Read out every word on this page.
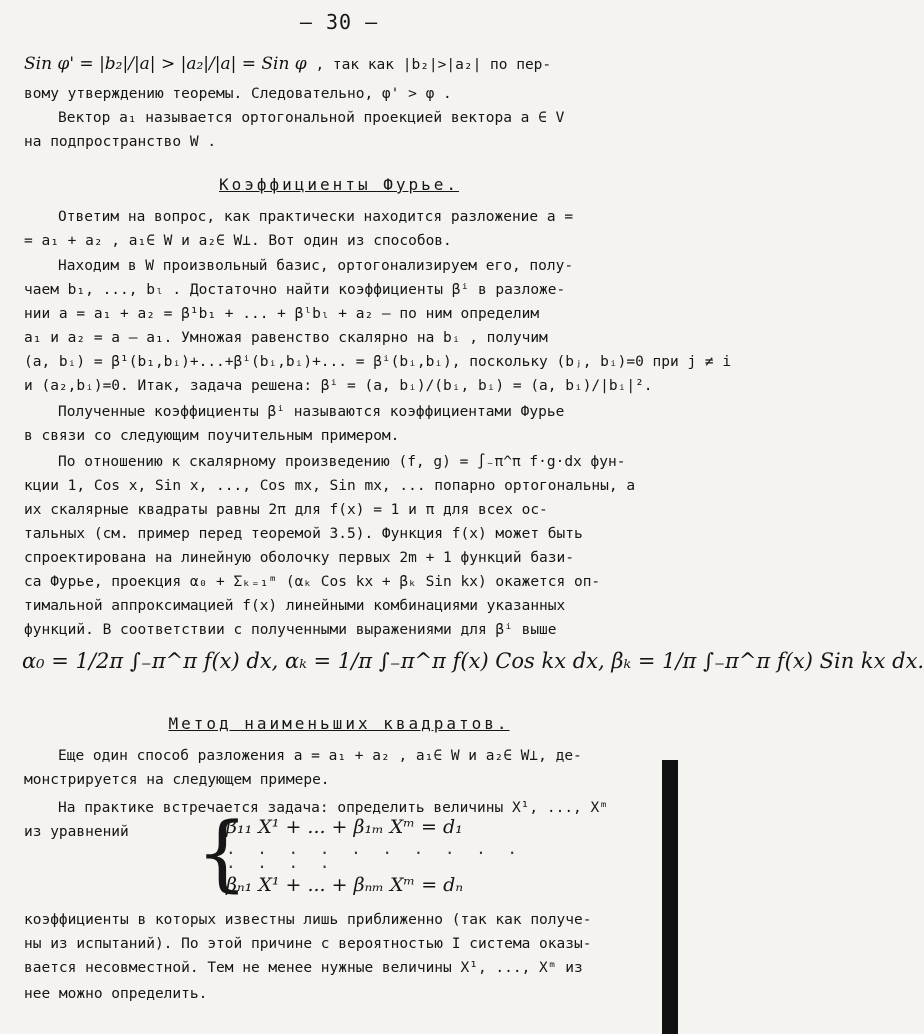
– 30 –
Sin φ' = |b₂|/|a| > |a₂|/|a| = Sin φ , так как |b₂|>|a₂| по пер-
вому утверждению теоремы. Следовательно, φ' > φ .
Вектор a₁ называется ортогональной проекцией вектора a ∈ V
на подпространство W .
Коэффициенты Фурье.
Ответим на вопрос, как практически находится разложение a =
= a₁ + a₂ , a₁∈ W и a₂∈ W⊥. Вот один из способов.
Находим в W произвольный базис, ортогонализируем его, полу-
чаем b₁, ..., bₗ . Достаточно найти коэффициенты βⁱ в разложе-
нии a = a₁ + a₂ = β¹b₁ + ... + βˡbₗ + a₂ – по ним определим
a₁ и a₂ = a – a₁. Умножая равенство скалярно на bᵢ , получим
(a, bᵢ) = β¹(b₁,bᵢ)+...+βⁱ(bᵢ,bᵢ)+... = βⁱ(bᵢ,bᵢ), поскольку (bⱼ, bᵢ)=0 при j ≠ i
и (a₂,bᵢ)=0. Итак, задача решена: βⁱ = (a, bᵢ)/(bᵢ, bᵢ) = (a, bᵢ)/|bᵢ|².
Полученные коэффициенты βⁱ называются коэффициентами Фурье
в связи со следующим поучительным примером.
По отношению к скалярному произведению (f, g) = ∫₋π^π f·g·dx фун-
кции 1, Cos x, Sin x, ..., Cos mx, Sin mx, ... попарно ортогональны, а
их скалярные квадраты равны 2π для f(x) = 1 и π для всех ос-
тальных (см. пример перед теоремой 3.5). Функция f(x) может быть
спроектирована на линейную оболочку первых 2m + 1 функций бази-
са Фурье, проекция α₀ + Σₖ₌₁ᵐ (αₖ Cos kx + βₖ Sin kx) окажется оп-
тимальной аппроксимацией f(x) линейными комбинациями указанных
функций. В соответствии с полученными выражениями для βⁱ выше
α₀ = 1/2π ∫₋π^π f(x) dx, αₖ = 1/π ∫₋π^π f(x) Cos kx dx, βₖ = 1/π ∫₋π^π f(x) Sin kx dx.
Метод наименьших квадратов.
Еще один способ разложения a = a₁ + a₂ , a₁∈ W и a₂∈ W⊥, де-
монстрируется на следующем примере.
На практике встречается задача: определить величины X¹, ..., Xᵐ
из уравнений {
β₁₁ X¹ + ... + β₁ₘ Xᵐ = d₁
. . . . . . . . . . . . . .
βₙ₁ X¹ + ... + βₙₘ Xᵐ = dₙ
коэффициенты в которых известны лишь приближенно (так как получе-
ны из испытаний). По этой причине с вероятностью I система оказы-
вается несовместной. Тем не менее нужные величины X¹, ..., Xᵐ из
нее можно определить.
